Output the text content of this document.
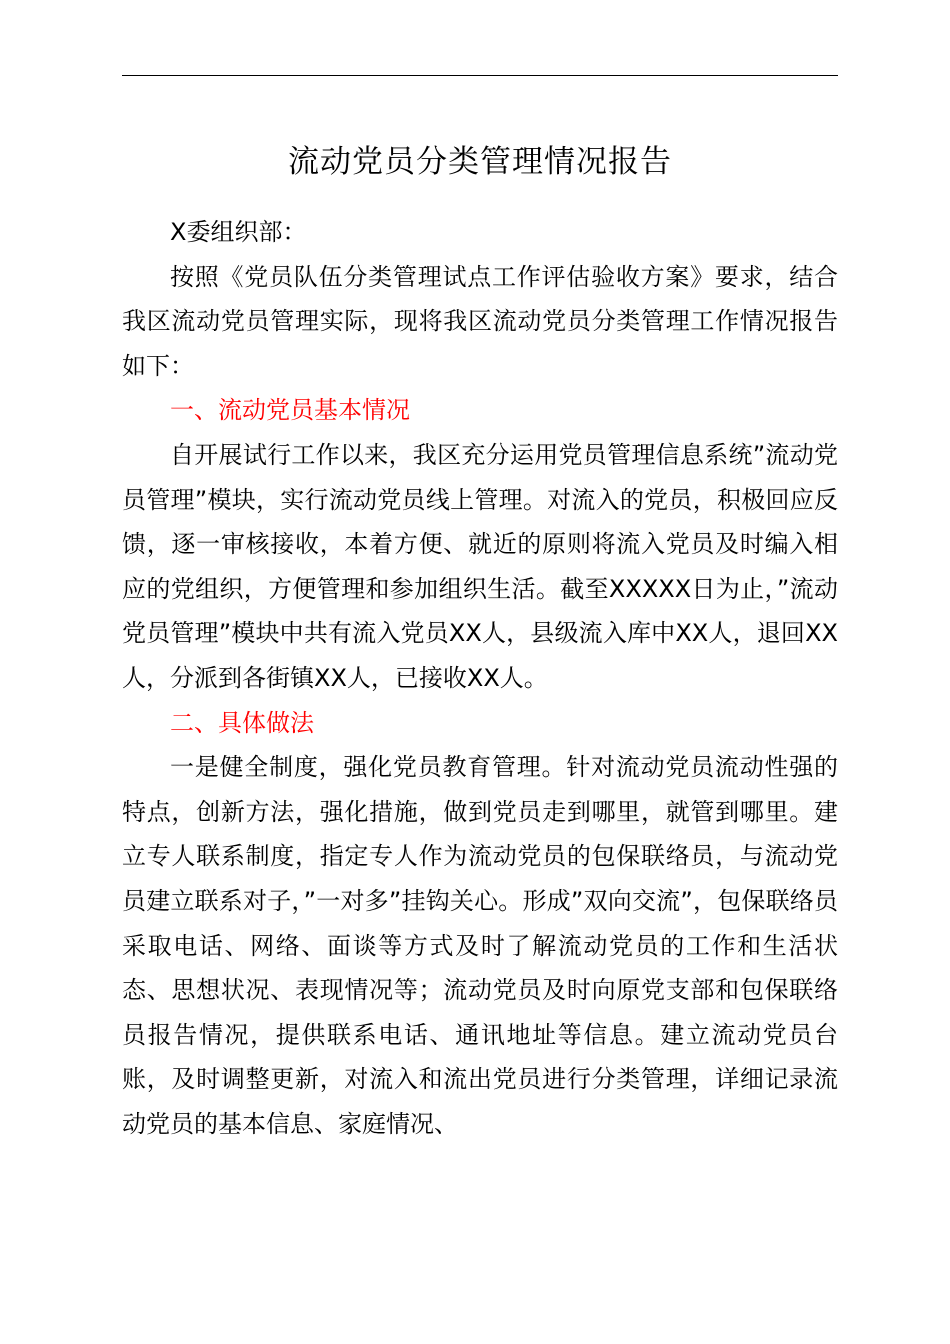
流动党员分类管理情况报告

X委组织部：

按照《党员队伍分类管理试点工作评估验收方案》要求，结合我区流动党员管理实际，现将我区流动党员分类管理工作情况报告如下：

一、流动党员基本情况

自开展试行工作以来，我区充分运用党员管理信息系统”流动党员管理”模块，实行流动党员线上管理。对流入的党员，积极回应反馈，逐一审核接收，本着方便、就近的原则将流入党员及时编入相应的党组织，方便管理和参加组织生活。截至XXXXX日为止，”流动党员管理”模块中共有流入党员XX人，县级流入库中XX人，退回XX人，分派到各街镇XX人，已接收XX人。

二、具体做法

一是健全制度，强化党员教育管理。针对流动党员流动性强的特点，创新方法，强化措施，做到党员走到哪里，就管到哪里。建立专人联系制度，指定专人作为流动党员的包保联络员，与流动党员建立联系对子，”一对多”挂钩关心。形成”双向交流”，包保联络员采取电话、网络、面谈等方式及时了解流动党员的工作和生活状态、思想状况、表现情况等；流动党员及时向原党支部和包保联络员报告情况，提供联系电话、通讯地址等信息。建立流动党员台账，及时调整更新，对流入和流出党员进行分类管理，详细记录流动党员的基本信息、家庭情况、
